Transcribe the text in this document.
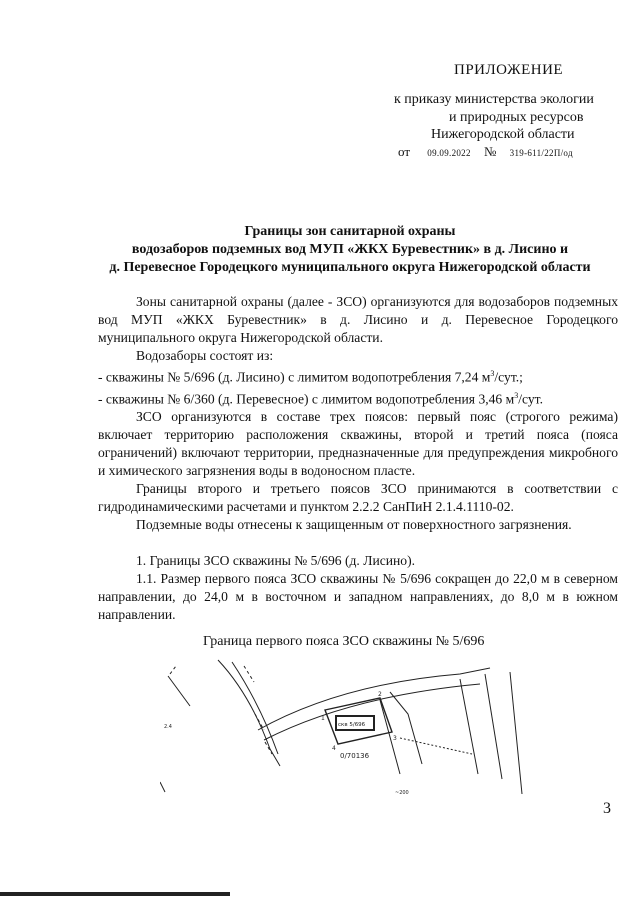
ПРИЛОЖЕНИЕ
к приказу министерства экологии
и природных ресурсов
Нижегородской области
от 09.09.2022 № 319-611/22П/од
Границы зон санитарной охраны
водозаборов подземных вод МУП «ЖКХ Буревестник» в д. Лисино и
д. Перевесное Городецкого муниципального округа Нижегородской области

Зоны санитарной охраны (далее - ЗСО) организуются для водозаборов подземных вод МУП «ЖКХ Буревестник» в д. Лисино и д. Перевесное Городецкого муниципального округа Нижегородской области.

Водозаборы состоят из:

- скважины № 5/696 (д. Лисино) с лимитом водопотребления 7,24 $м^3$/сут.;

- скважины № 6/360 (д. Перевесное) с лимитом водопотребления 3,46 $м^3$/сут.

ЗСО организуются в составе трех поясов: первый пояс (строгого режима) включает территорию расположения скважины, второй и третий пояса (пояса ограничений) включают территории, предназначенные для предупреждения микробного и химического загрязнения воды в водоносном пласте.

Границы второго и третьего поясов ЗСО принимаются в соответствии с гидродинамическими расчетами и пунктом 2.2.2 СанПиН 2.1.4.1110-02.

Подземные воды отнесены к защищенным от поверхностного загрязнения.

1. Границы ЗСО скважины № 5/696 (д. Лисино).

1.1. Размер первого пояса ЗСО скважины № 5/696 сокращен до 22,0 м в северном направлении, до 24,0 м в восточном и западном направлениях, до 8,0 м в южном направлении.

Граница первого пояса ЗСО скважины № 5/696
скв 5/696
0/70136
2.4
~200
1
2
3
4
3
